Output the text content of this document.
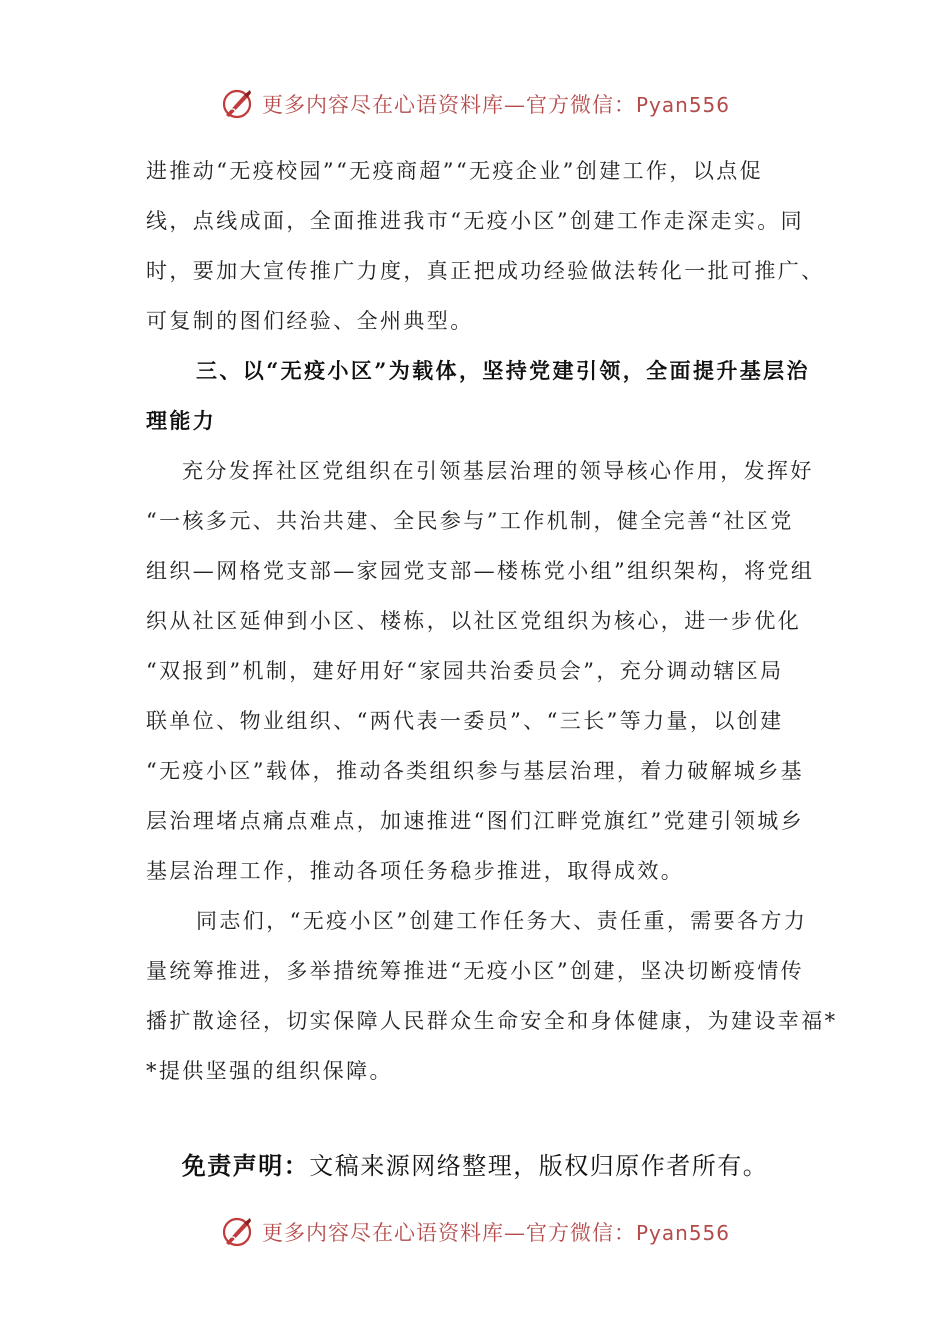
更多内容尽在心语资料库—官方微信：Pyan556
进推动“无疫校园”“无疫商超”“无疫企业”创建工作，以点促
线，点线成面，全面推进我市“无疫小区”创建工作走深走实。同
时，要加大宣传推广力度，真正把成功经验做法转化一批可推广、
可复制的图们经验、全州典型。
三、以“无疫小区”为载体，坚持党建引领，全面提升基层治
理能力
充分发挥社区党组织在引领基层治理的领导核心作用，发挥好
“一核多元、共治共建、全民参与”工作机制，健全完善“社区党
组织—网格党支部—家园党支部—楼栋党小组”组织架构，将党组
织从社区延伸到小区、楼栋，以社区党组织为核心，进一步优化
“双报到”机制，建好用好“家园共治委员会”，充分调动辖区局
联单位、物业组织、“两代表一委员”、“三长”等力量，以创建
“无疫小区”载体，推动各类组织参与基层治理，着力破解城乡基
层治理堵点痛点难点，加速推进“图们江畔党旗红”党建引领城乡
基层治理工作，推动各项任务稳步推进，取得成效。
同志们，“无疫小区”创建工作任务大、责任重，需要各方力
量统筹推进，多举措统筹推进“无疫小区”创建，坚决切断疫情传
播扩散途径，切实保障人民群众生命安全和身体健康，为建设幸福*
*提供坚强的组织保障。
免责声明：文稿来源网络整理，版权归原作者所有。
更多内容尽在心语资料库—官方微信：Pyan556
